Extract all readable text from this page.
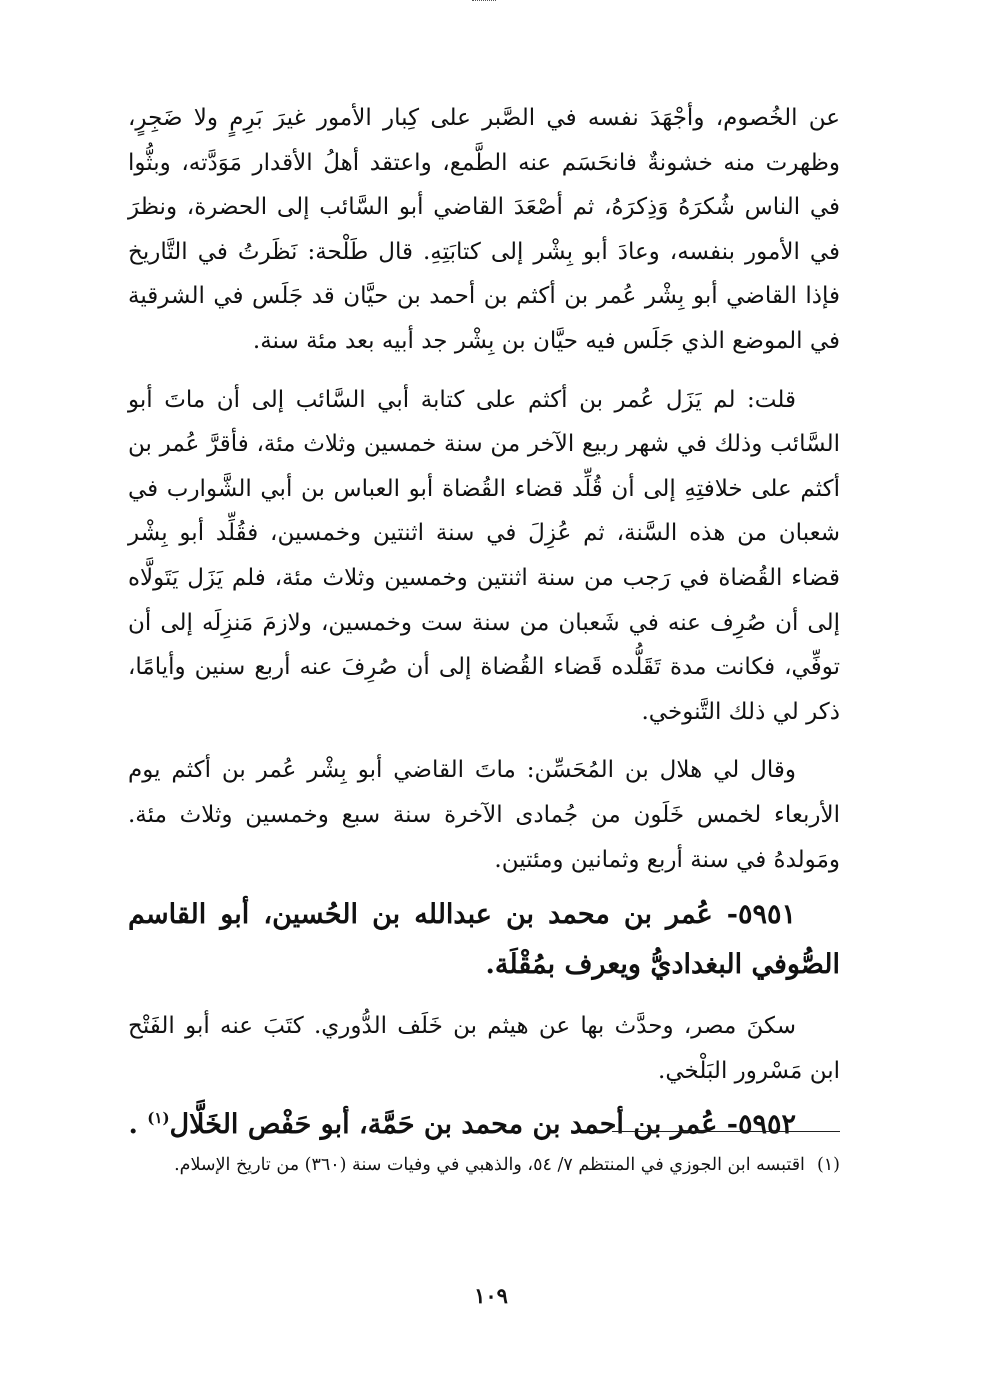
عن الخُصوم، وأجْهَدَ نفسه في الصَّبر على كِبار الأمور غيرَ بَرِمٍ ولا ضَجِرٍ، وظهرت منه خشونةٌ فانحَسَم عنه الطَّمع، واعتقد أهلُ الأقدار مَوَدَّته، وبثُّوا في الناس شُكرَهُ وَذِكرَهُ، ثم أصْعَدَ القاضي أبو السَّائب إلى الحضرة، ونظرَ في الأمور بنفسه، وعادَ أبو بِشْر إلى كتابَتِهِ. قال طَلْحة: نَظَرتُ في التَّاريخ فإذا القاضي أبو بِشْر عُمر بن أكثم بن أحمد بن حيَّان قد جَلَس في الشرقية في الموضع الذي جَلَس فيه حيَّان بن بِشْر جد أبيه بعد مئة سنة.

قلت: لم يَزَل عُمر بن أكثم على كتابة أبي السَّائب إلى أن ماتَ أبو السَّائب وذلك في شهر ربيع الآخر من سنة خمسين وثلاث مئة، فأقرَّ عُمر بن أكثم على خلافتِهِ إلى أن قُلِّد قضاء القُضاة أبو العباس بن أبي الشَّوارب في شعبان من هذه السَّنة، ثم عُزِلَ في سنة اثنتين وخمسين، فقُلِّد أبو بِشْر قضاء القُضاة في رَجب من سنة اثنتين وخمسين وثلاث مئة، فلم يَزَل يَتَولَّاه إلى أن صُرِف عنه في شَعبان من سنة ست وخمسين، ولازمَ مَنزِلَه إلى أن توفِّي، فكانت مدة تَقَلُّده قَضاء القُضاة إلى أن صُرِفَ عنه أربع سنين وأيامًا، ذكر لي ذلك التَّنوخي.

وقال لي هلال بن المُحَسِّن: ماتَ القاضي أبو بِشْر عُمر بن أكثم يوم الأربعاء لخمس خَلَون من جُمادى الآخرة سنة سبع وخمسين وثلاث مئة. ومَولدهُ في سنة أربع وثمانين ومئتين.

٥٩٥١- عُمر بن محمد بن عبدالله بن الحُسين، أبو القاسم الصُّوفي البغداديُّ ويعرف بمُقْلَة.

سكنَ مصر، وحدَّث بها عن هيثم بن خَلَف الدُّوري. كتَبَ عنه أبو الفَتْح ابن مَسْرور البَلْخي.

٥٩٥٢- عُمر بن أحمد بن محمد بن حَمَّة، أبو حَفْص الخَلَّال$^{(١)}$ .

(١)اقتبسه ابن الجوزي في المنتظم ٧/ ٥٤، والذهبي في وفيات سنة (٣٦٠) من تاريخ الإسلام.
١٠٩
